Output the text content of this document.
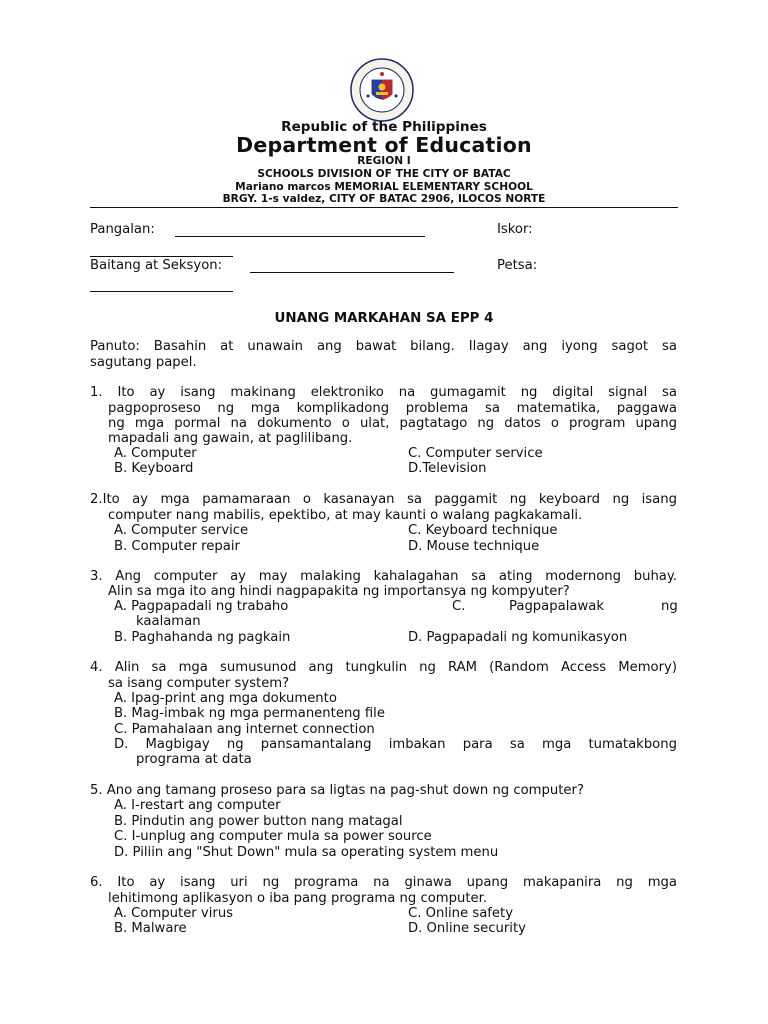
Republic of the Philippines
Department of Education
REGION I
SCHOOLS DIVISION OF THE CITY OF BATAC
Mariano marcos MEMORIAL ELEMENTARY SCHOOL
BRGY. 1-s valdez, CITY OF BATAC 2906, ILOCOS NORTE
Pangalan:	Iskor:
Baitang at Seksyon:	Petsa:
UNANG MARKAHAN SA EPP 4
Panuto: Basahin at unawain ang bawat bilang. Ilagay ang iyong sagot sa
sagutang papel.
1. Ito ay isang makinang elektroniko na gumagamit ng digital signal sa
pagpoproseso ng mga komplikadong problema sa matematika, paggawa
ng mga pormal na dokumento o ulat, pagtatago ng datos o program upang
mapadali ang gawain, at paglilibang.
A. Computer	C. Computer service
B. Keyboard	D.Television
2.Ito ay mga pamamaraan o kasanayan sa paggamit ng keyboard ng isang
computer nang mabilis, epektibo, at may kaunti o walang pagkakamali.
A. Computer service	C. Keyboard technique
B. Computer repair	D. Mouse technique
3. Ang computer ay may malaking kahalagahan sa ating modernong buhay.
Alin sa mga ito ang hindi nagpapakita ng importansya ng kompyuter?
A. Pagpapadali ng trabaho	C.	Pagpapalawak	ng
kaalaman
B. Paghahanda ng pagkain	D. Pagpapadali ng komunikasyon
4. Alin sa mga sumusunod ang tungkulin ng RAM (Random Access Memory)
sa isang computer system?
A. Ipag-print ang mga dokumento
B. Mag-imbak ng mga permanenteng file
C. Pamahalaan ang internet connection
D. Magbigay ng pansamantalang imbakan para sa mga tumatakbong
programa at data
5. Ano ang tamang proseso para sa ligtas na pag-shut down ng computer?
A. I-restart ang computer
B. Pindutin ang power button nang matagal
C. I-unplug ang computer mula sa power source
D. Piliin ang "Shut Down" mula sa operating system menu
6. Ito ay isang uri ng programa na ginawa upang makapanira ng mga
lehitimong aplikasyon o iba pang programa ng computer.
A. Computer virus	C. Online safety
B. Malware	D. Online security
